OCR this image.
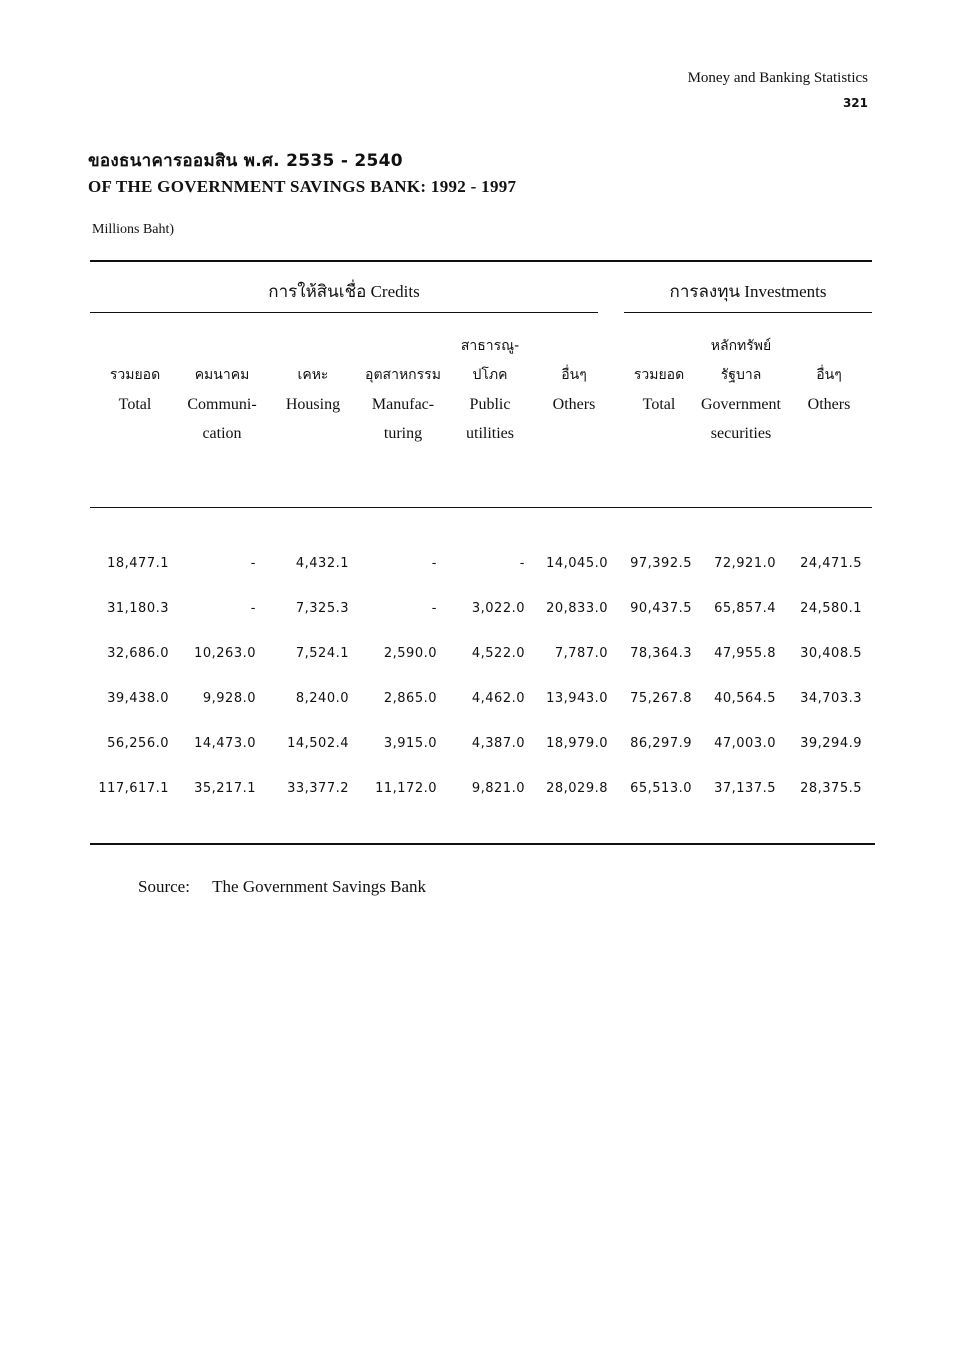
Money and Banking Statistics
321
ของธนาคารออมสิน พ.ศ. 2535 - 2540
OF THE GOVERNMENT SAVINGS BANK: 1992 - 1997
Millions Baht)
การให้สินเชื่อ Credits	การลงทุน Investments

รวมยอด
Total

คมนาคม
Communi-
cation

เคหะ
Housing

อุตสาหกรรม
Manufac-
turing
สาธารณู-
ปโภค
Public
utilities

อื่นๆ
Others

รวมยอด
Total
หลักทรัพย์
รัฐบาล
Government
securities

อื่นๆ
Others
18,477.1	-	4,432.1	-	- 14,045.0 97,392.5 72,921.0 24,471.5
31,180.3	-	7,325.3	-	3,022.0 20,833.0 90,437.5 65,857.4 24,580.1
32,686.0 10,263.0	7,524.1	2,590.0	4,522.0 7,787.0 78,364.3 47,955.8 30,408.5
39,438.0	9,928.0	8,240.0	2,865.0	4,462.0 13,943.0 75,267.8 40,564.5 34,703.3
56,256.0 14,473.0 14,502.4	3,915.0	4,387.0 18,979.0 86,297.9 47,003.0 39,294.9
117,617.1 35,217.1 33,377.2 11,172.0	9,821.0 28,029.8 65,513.0 37,137.5 28,375.5
Source: The Government Savings Bank
